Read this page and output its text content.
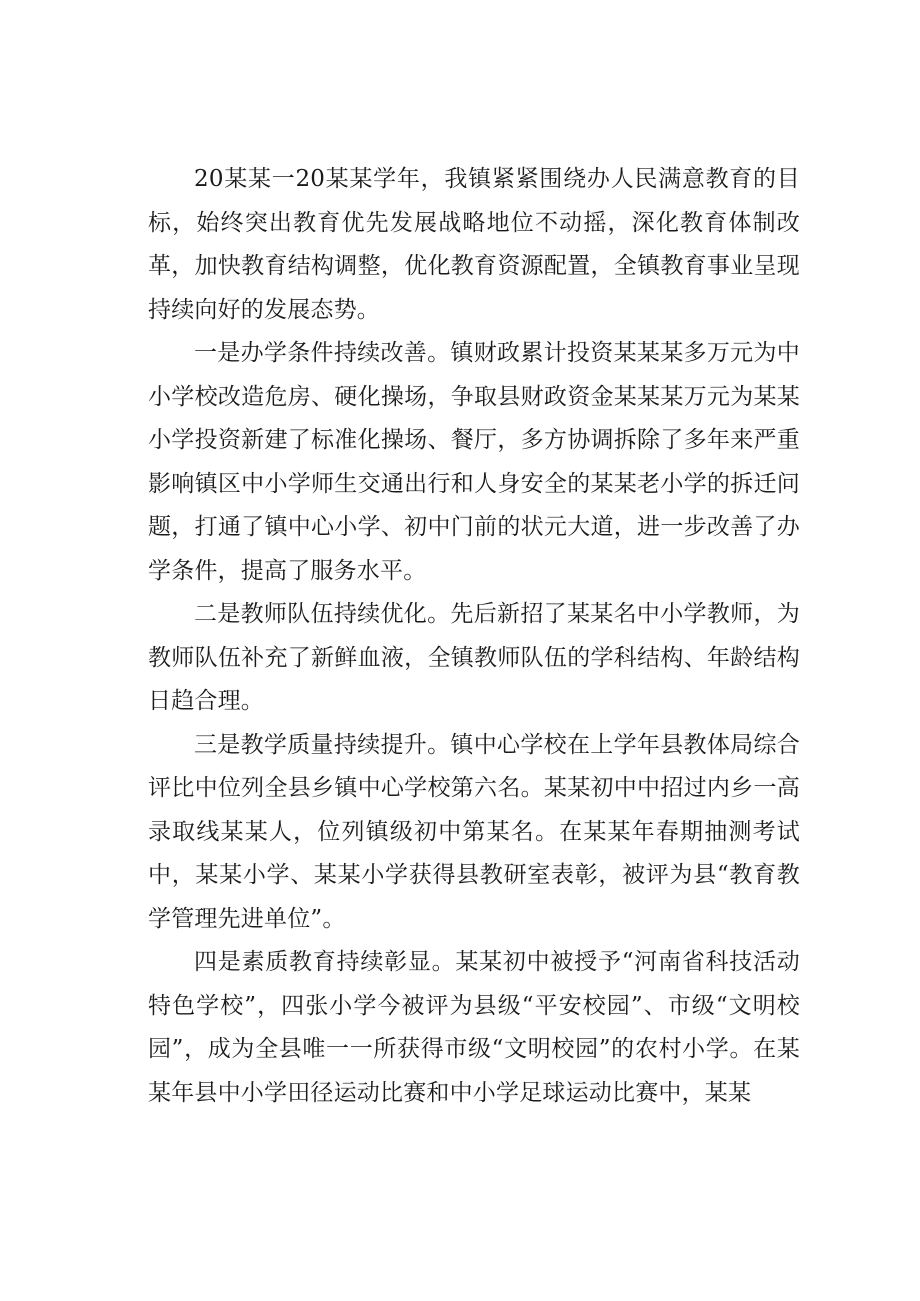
20某某一20某某学年，我镇紧紧围绕办人民满意教育的目标，始终突出教育优先发展战略地位不动摇，深化教育体制改革，加快教育结构调整，优化教育资源配置，全镇教育事业呈现持续向好的发展态势。

一是办学条件持续改善。镇财政累计投资某某某多万元为中小学校改造危房、硬化操场，争取县财政资金某某某万元为某某小学投资新建了标准化操场、餐厅，多方协调拆除了多年来严重影响镇区中小学师生交通出行和人身安全的某某老小学的拆迁问题，打通了镇中心小学、初中门前的状元大道，进一步改善了办学条件，提高了服务水平。

二是教师队伍持续优化。先后新招了某某名中小学教师，为教师队伍补充了新鲜血液，全镇教师队伍的学科结构、年龄结构日趋合理。

三是教学质量持续提升。镇中心学校在上学年县教体局综合评比中位列全县乡镇中心学校第六名。某某初中中招过内乡一高录取线某某人，位列镇级初中第某名。在某某年春期抽测考试中，某某小学、某某小学获得县教研室表彰，被评为县“教育教学管理先进单位”。

四是素质教育持续彰显。某某初中被授予“河南省科技活动特色学校”，四张小学今被评为县级“平安校园”、市级“文明校园”，成为全县唯一一所获得市级“文明校园”的农村小学。在某某年县中小学田径运动比赛和中小学足球运动比赛中，某某
